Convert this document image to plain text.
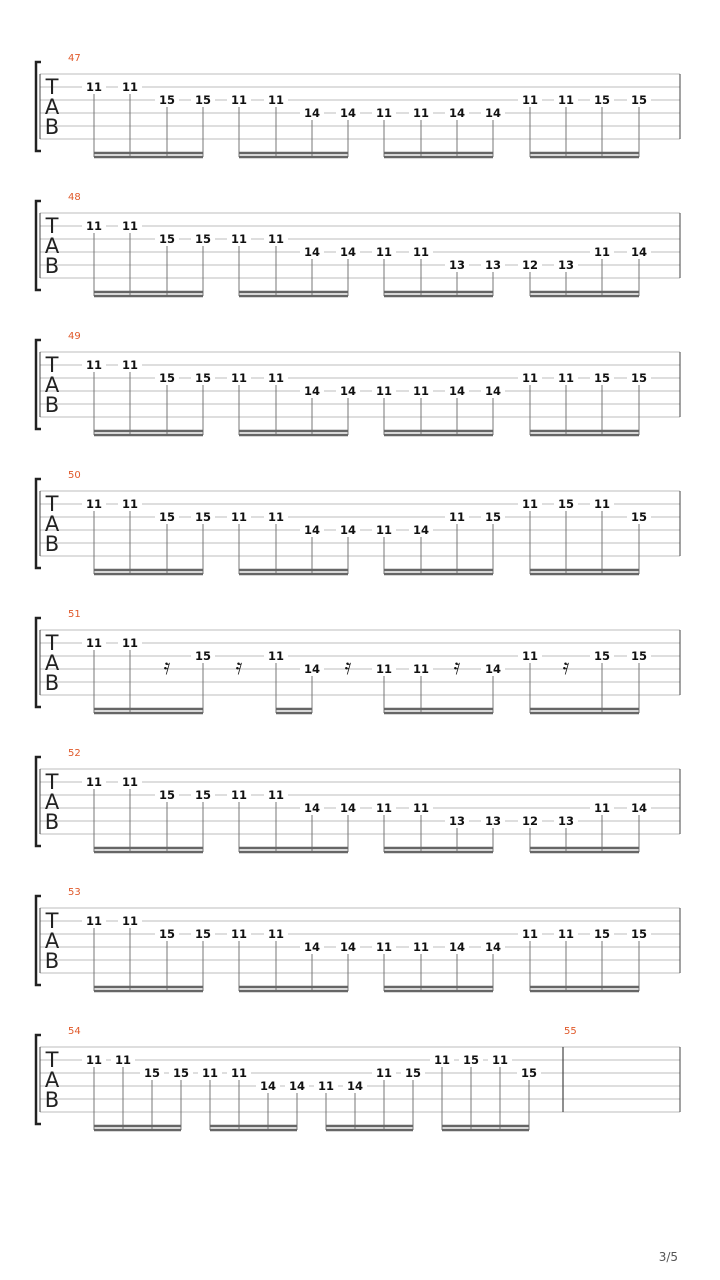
T
A
B
47
11 11
15 15 11 11
14 14 11 11 14 14
11 11 15 15
T
A
B
48
11 11
15 15 11 11
14 14 11 11
13 13 12 13
11 14
T
A
B
49
11 11
15 15 11 11
14 14 11 11 14 14
11 11 15 15
T
A
B
50
11 11
15 15 11 11
14 14 11 14
11 15
11 15 11
15
T
A
B
51
11 11
𝄿 15 𝄿 11
14 𝄿 11 11 𝄿 14
11 𝄿 15 15
T
A
B
52
11 11
15 15 11 11
14 14 11 11
13 13 12 13
11 14
T
A
B
53
11 11
15 15 11 11
14 14 11 11 14 14
11 11 15 15
T
A
B
54	55
11 11
15 15 11 11
14 14 11 14
11 15
11 15 11
15
3/5
